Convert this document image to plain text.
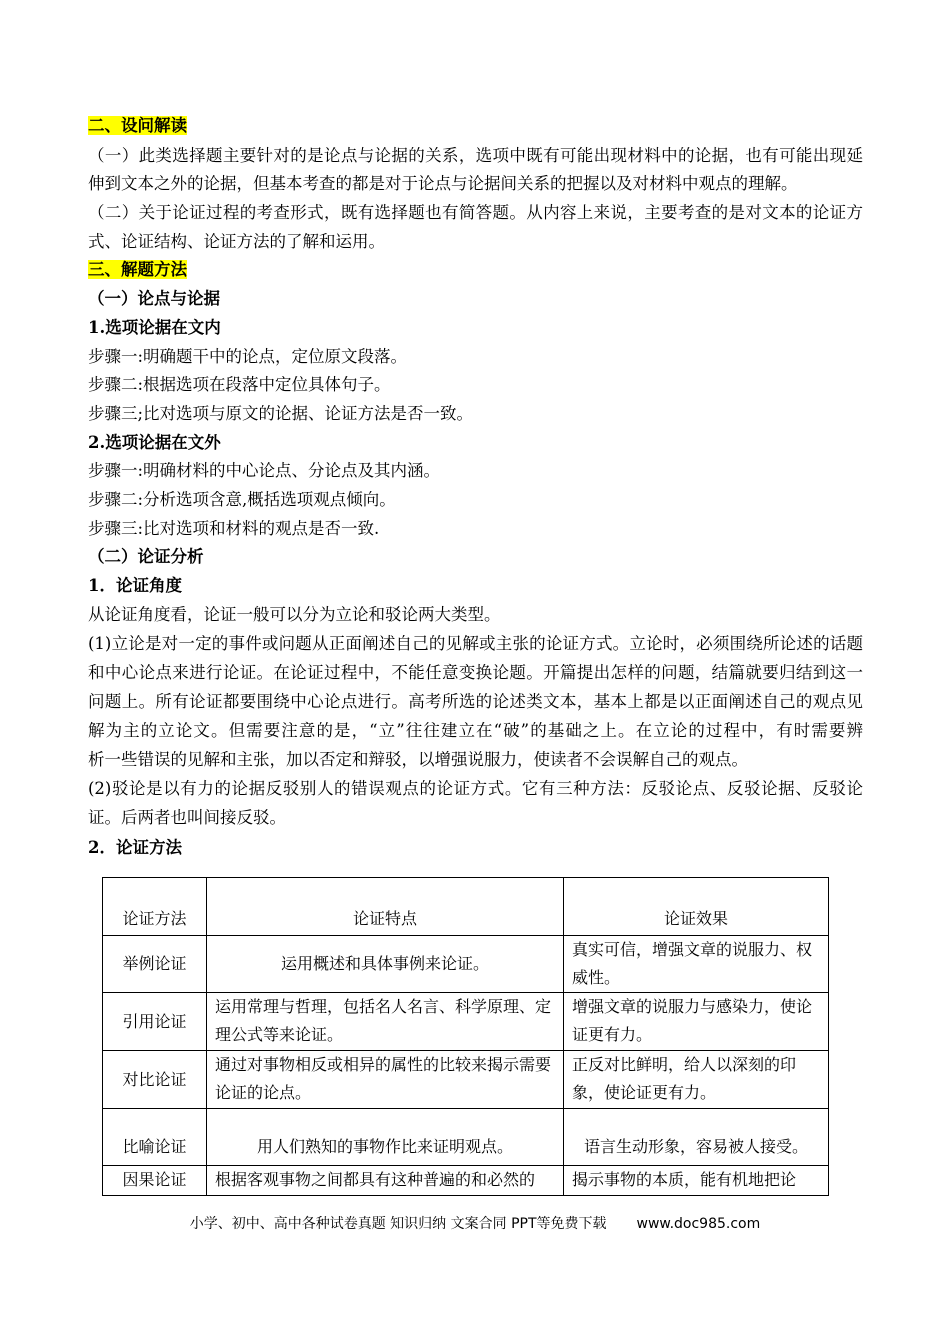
二、设问解读
（一）此类选择题主要针对的是论点与论据的关系，选项中既有可能出现材料中的论据，也有可能出现延
伸到文本之外的论据，但基本考查的都是对于论点与论据间关系的把握以及对材料中观点的理解。
（二）关于论证过程的考查形式，既有选择题也有简答题。从内容上来说，主要考查的是对文本的论证方
式、论证结构、论证方法的了解和运用。
三、解题方法
（一）论点与论据
1.选项论据在文内
步骤一:明确题干中的论点，定位原文段落。
步骤二:根据选项在段落中定位具体句子。
步骤三;比对选项与原文的论据、论证方法是否一致。
2.选项论据在文外
步骤一:明确材料的中心论点、分论点及其内涵。
步骤二:分析选项含意,概括选项观点倾向。
步骤三:比对选项和材料的观点是否一致.
（二）论证分析
1．论证角度
从论证角度看，论证一般可以分为立论和驳论两大类型。
(1)立论是对一定的事件或问题从正面阐述自己的见解或主张的论证方式。立论时，必须围绕所论述的话题
和中心论点来进行论证。在论证过程中，不能任意变换论题。开篇提出怎样的问题，结篇就要归结到这一
问题上。所有论证都要围绕中心论点进行。高考所选的论述类文本，基本上都是以正面阐述自己的观点见
解为主的立论文。但需要注意的是，“立”往往建立在“破”的基础之上。在立论的过程中，有时需要辨
析一些错误的见解和主张，加以否定和辩驳，以增强说服力，使读者不会误解自己的观点。
(2)驳论是以有力的论据反驳别人的错误观点的论证方式。它有三种方法：反驳论点、反驳论据、反驳论
证。后两者也叫间接反驳。
2．论证方法
论证方法	论证特点	论证效果
举例论证	运用概述和具体事例来论证。	真实可信，增强文章的说服力、权威性。
引用论证	运用常理与哲理，包括名人名言、科学原理、定理公式等来论证。	增强文章的说服力与感染力，使论证更有力。
对比论证	通过对事物相反或相异的属性的比较来揭示需要论证的论点。	正反对比鲜明，给人以深刻的印象，使论证更有力。
比喻论证	用人们熟知的事物作比来证明观点。	语言生动形象，容易被人接受。
因果论证	根据客观事物之间都具有这种普遍的和必然的	揭示事物的本质，能有机地把论
小学、初中、高中各种试卷真题 知识归纳 文案合同 PPT等免费下载 www.doc985.com
